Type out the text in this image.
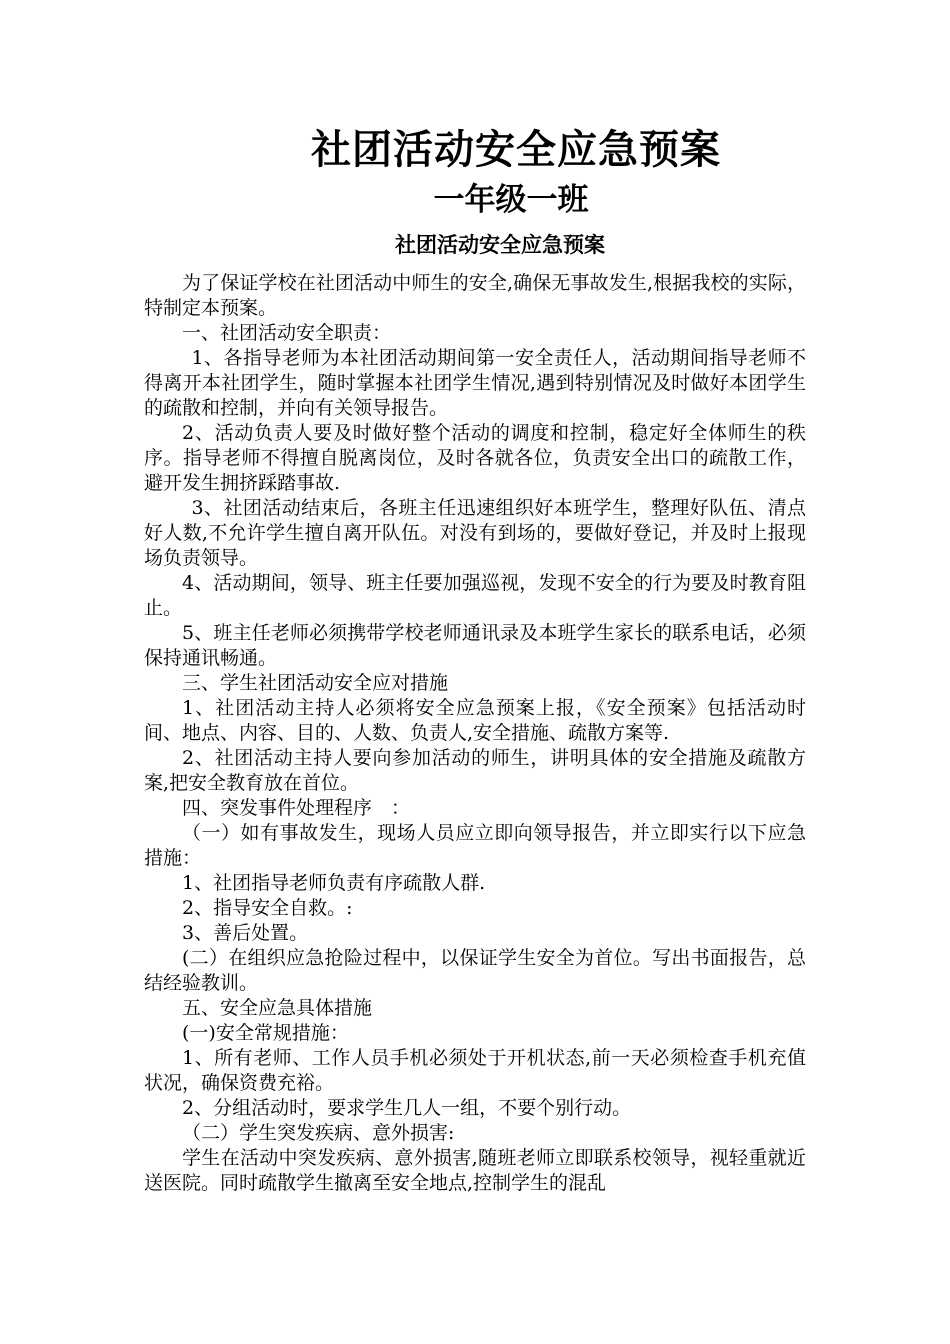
社团活动安全应急预案
一年级一班
社团活动安全应急预案

为了保证学校在社团活动中师生的安全,确保无事故发生,根据我校的实际，特制定本预案。

一、社团活动安全职责：

1、各指导老师为本社团活动期间第一安全责任人，活动期间指导老师不得离开本社团学生，随时掌握本社团学生情况,遇到特别情况及时做好本团学生的疏散和控制，并向有关领导报告。

2、活动负责人要及时做好整个活动的调度和控制，稳定好全体师生的秩序。指导老师不得擅自脱离岗位，及时各就各位，负责安全出口的疏散工作，避开发生拥挤踩踏事故.

3、社团活动结束后，各班主任迅速组织好本班学生，整理好队伍、清点好人数,不允许学生擅自离开队伍。对没有到场的，要做好登记，并及时上报现场负责领导。

4、活动期间，领导、班主任要加强巡视，发现不安全的行为要及时教育阻止。

5、班主任老师必须携带学校老师通讯录及本班学生家长的联系电话，必须保持通讯畅通。

三、学生社团活动安全应对措施

1、社团活动主持人必须将安全应急预案上报，《安全预案》包括活动时间、地点、内容、目的、人数、负责人,安全措施、疏散方案等.

2、社团活动主持人要向参加活动的师生，讲明具体的安全措施及疏散方案,把安全教育放在首位。

四、突发事件处理程序　：

（一）如有事故发生，现场人员应立即向领导报告，并立即实行以下应急措施：

1、社团指导老师负责有序疏散人群.

2、指导安全自救。:

3、善后处置。

(二）在组织应急抢险过程中，以保证学生安全为首位。写出书面报告，总结经验教训。

五、安全应急具体措施

(一)安全常规措施：

1、所有老师、工作人员手机必须处于开机状态,前一天必须检查手机充值状况，确保资费充裕。

2、分组活动时，要求学生几人一组，不要个别行动。

（二）学生突发疾病、意外损害:

学生在活动中突发疾病、意外损害,随班老师立即联系校领导，视轻重就近送医院。同时疏散学生撤离至安全地点,控制学生的混乱
